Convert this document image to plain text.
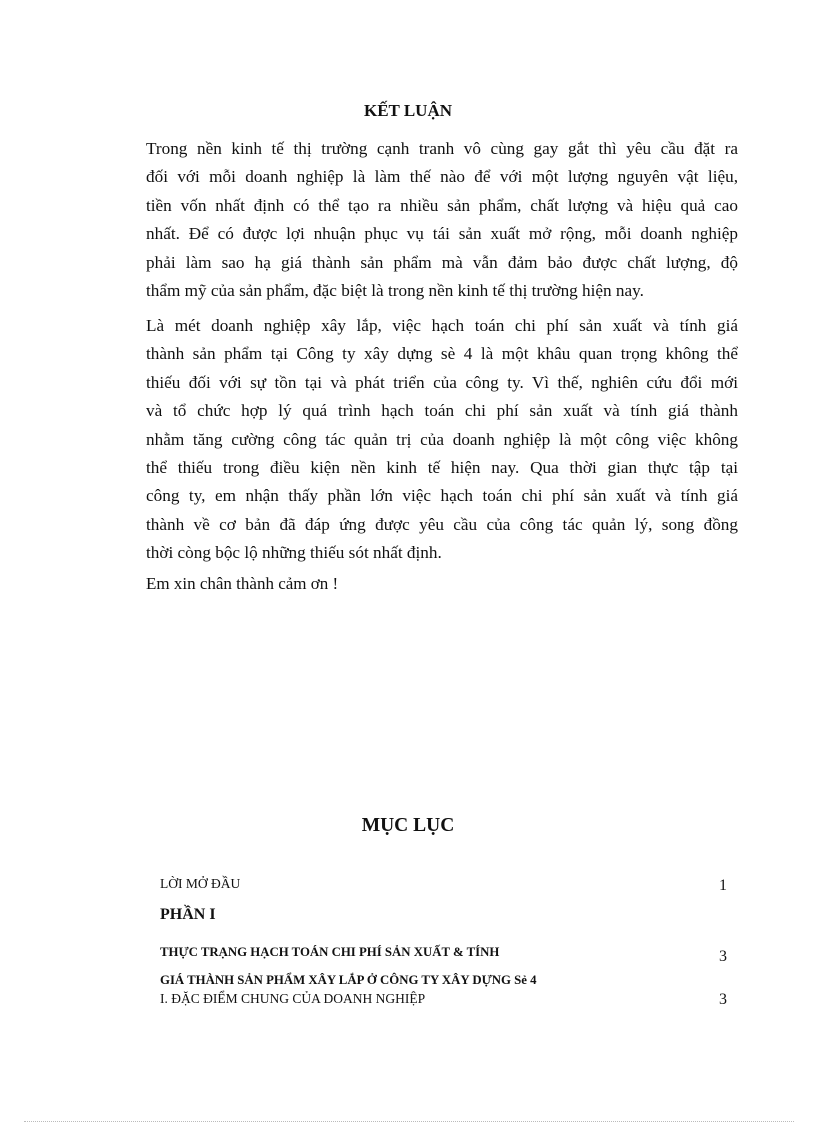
KẾT LUẬN
Trong nền kinh tế thị trường cạnh tranh vô cùng gay gắt thì yêu cầu đặt ra
đối với mỗi doanh nghiệp là làm thế nào để với một lượng nguyên vật liệu,
tiền vốn nhất định có thể tạo ra nhiều sản phẩm, chất lượng và hiệu quả cao
nhất. Để có được lợi nhuận phục vụ tái sản xuất mở rộng, mỗi doanh nghiệp
phải làm sao hạ giá thành sản phẩm mà vẫn đảm bảo được chất lượng, độ
thẩm mỹ của sản phẩm, đặc biệt là trong nền kinh tế thị trường hiện nay.
Là mét doanh nghiệp xây lắp, việc hạch toán chi phí sản xuất và tính giá
thành sản phẩm tại Công ty xây dựng sè 4 là một khâu quan trọng không thể
thiếu đối với sự tồn tại và phát triển của công ty. Vì thế, nghiên cứu đổi mới
và tổ chức hợp lý quá trình hạch toán chi phí sản xuất và tính giá thành
nhằm tăng cường công tác quản trị của doanh nghiệp là một công việc không
thể thiếu trong điều kiện nền kinh tế hiện nay. Qua thời gian thực tập tại
công ty, em nhận thấy phần lớn việc hạch toán chi phí sản xuất và tính giá
thành về cơ bản đã đáp ứng được yêu cầu của công tác quản lý, song đồng
thời còng bộc lộ những thiếu sót nhất định.
Em xin chân thành cảm ơn !
MỤC LỤC
LỜI MỞ ĐẦU	1
PHẦN I
THỰC TRẠNG HẠCH TOÁN CHI PHÍ SẢN XUẤT & TÍNH
GIÁ THÀNH SẢN PHẨM XÂY LẮP Ở CÔNG TY XÂY DỰNG Sẻ 4
3
I. ĐẶC ĐIỂM CHUNG CỦA DOANH NGHIỆP	3
